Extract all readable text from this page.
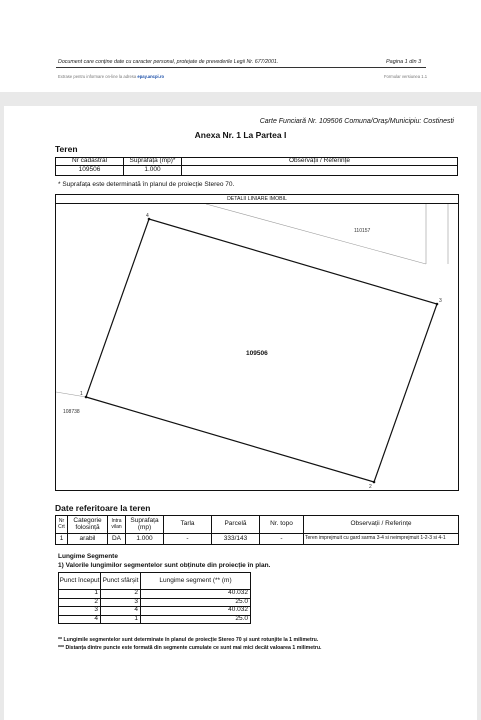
Document care conține date cu caracter personal, protejate de prevederile Legii Nr. 677/2001.	Pagina 1 din 3
Extrase pentru informare on-line la adresa epay.ancpi.ro	Formular versiunea 1.1
Carte Funciară Nr. 109506 Comuna/Oraș/Municipiu: Costinesti
Anexa Nr. 1 La Partea I
Teren
Nr cadastral	Suprafața (mp)*	Observații / Referințe
109506	1.000	
* Suprafața este determinată în planul de proiecție Stereo 70.
DETALII LINIARE IMOBIL
1
2
3
4
109506
110157
108738
Date referitoare la teren
Nr Crt	Categorie folosință	Intra vilan	Suprafața (mp)	Tarla	Parcelă	Nr. topo	Observații / Referințe
1	arabil	DA	1.000	-	333/143	-	Teren imprejmuit cu gard sarma 3-4 si neimprejmuit 1-2-3 si 4-1
Lungime Segmente
1) Valorile lungimilor segmentelor sunt obținute din proiecție în plan.
Punct început	Punct sfârșit	Lungime segment (** (m)
1	2	40.032
2	3	25.0
3	4	40.032
4	1	25.0
** Lungimile segmentelor sunt determinate în planul de proiecție Stereo 70 și sunt rotunjite la 1 milimetru.
*** Distanța dintre puncte este formată din segmente cumulate ce sunt mai mici decât valoarea 1 milimetru.
